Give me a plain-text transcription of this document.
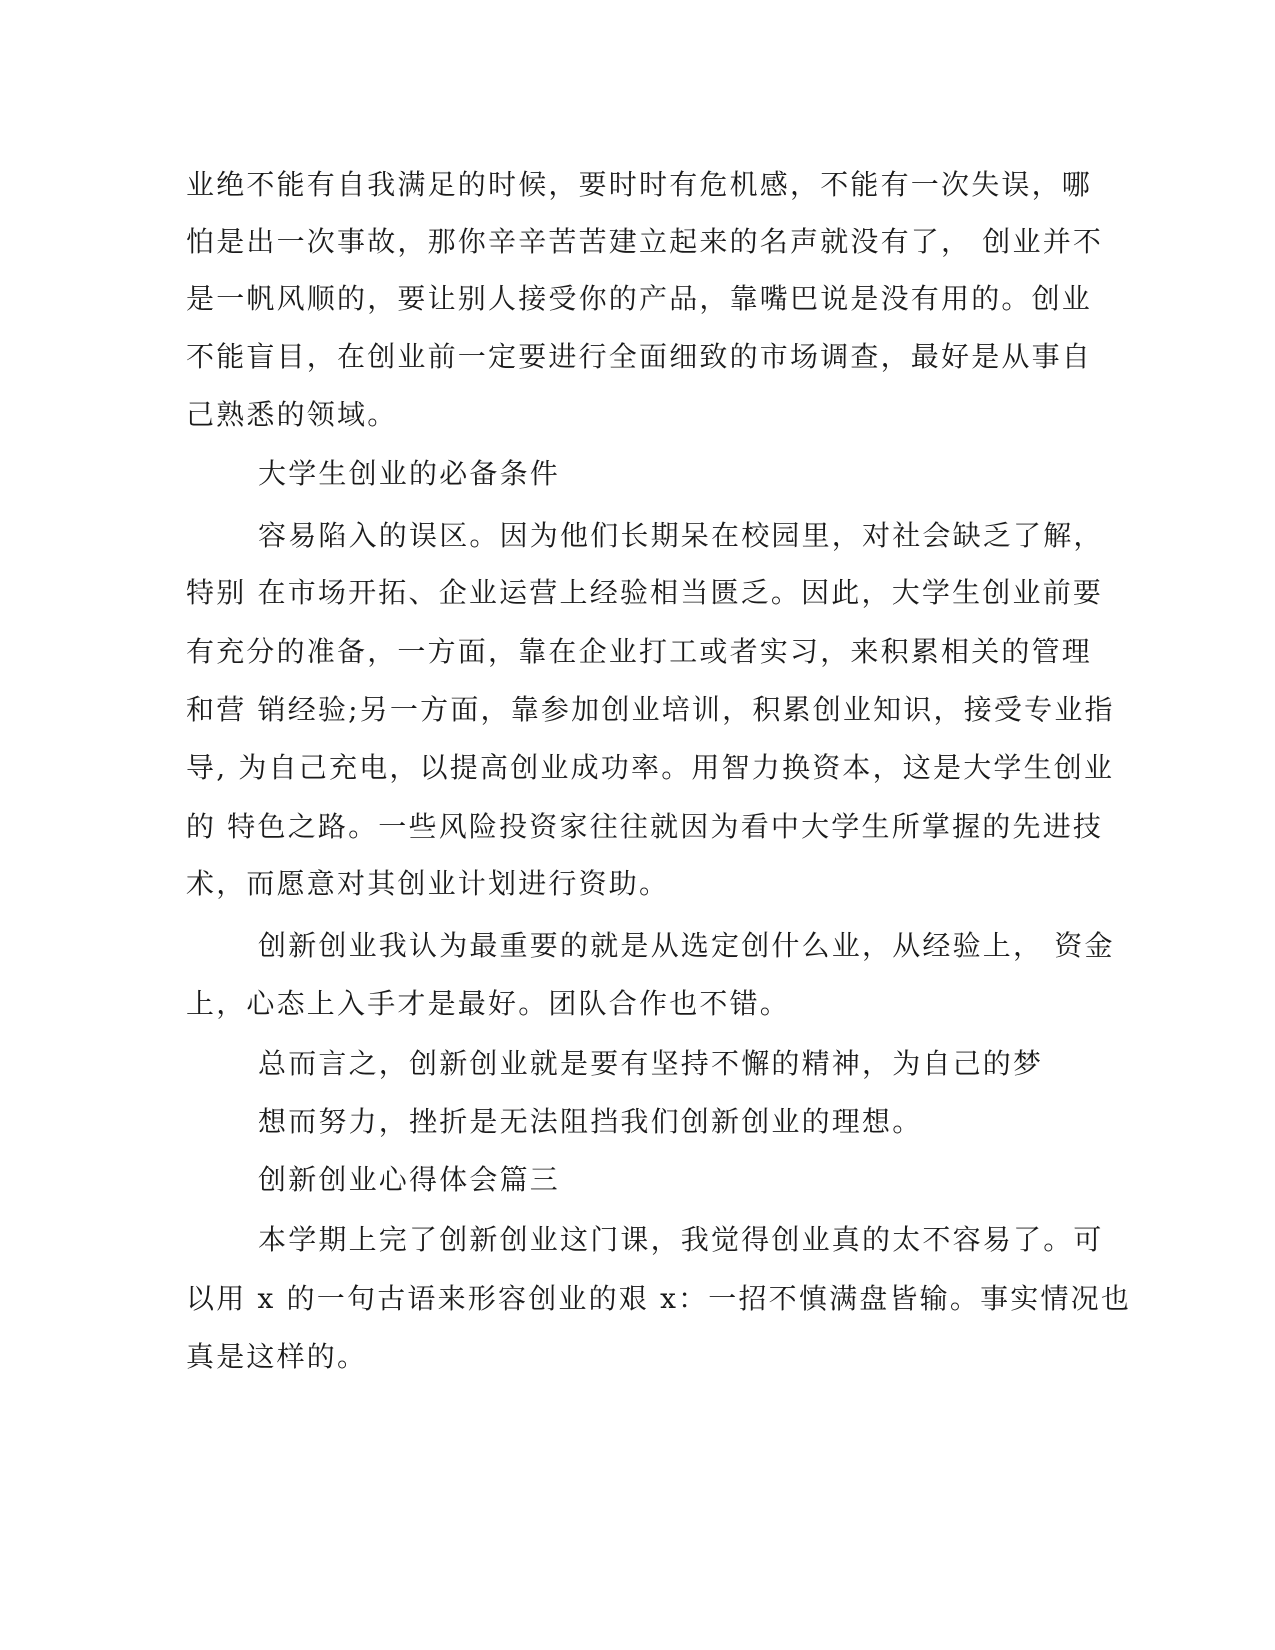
业绝不能有自我满足的时候，要时时有危机感，不能有一次失误，哪
怕是出一次事故，那你辛辛苦苦建立起来的名声就没有了， 创业并不
是一帆风顺的，要让别人接受你的产品，靠嘴巴说是没有用的。创业
不能盲目，在创业前一定要进行全面细致的市场调查，最好是从事自
己熟悉的领域。
大学生创业的必备条件
容易陷入的误区。因为他们长期呆在校园里，对社会缺乏了解，
特别 在市场开拓、企业运营上经验相当匮乏。因此，大学生创业前要
有充分的准备，一方面，靠在企业打工或者实习，来积累相关的管理
和营 销经验;另一方面，靠参加创业培训，积累创业知识，接受专业指
导, 为自己充电，以提高创业成功率。用智力换资本，这是大学生创业
的 特色之路。一些风险投资家往往就因为看中大学生所掌握的先进技
术，而愿意对其创业计划进行资助。
创新创业我认为最重要的就是从选定创什么业，从经验上， 资金
上，心态上入手才是最好。团队合作也不错。
总而言之，创新创业就是要有坚持不懈的精神，为自己的梦
想而努力，挫折是无法阻挡我们创新创业的理想。
创新创业心得体会篇三
本学期上完了创新创业这门课，我觉得创业真的太不容易了。可
以用 x 的一句古语来形容创业的艰 x：一招不慎满盘皆输。事实情况也
真是这样的。
